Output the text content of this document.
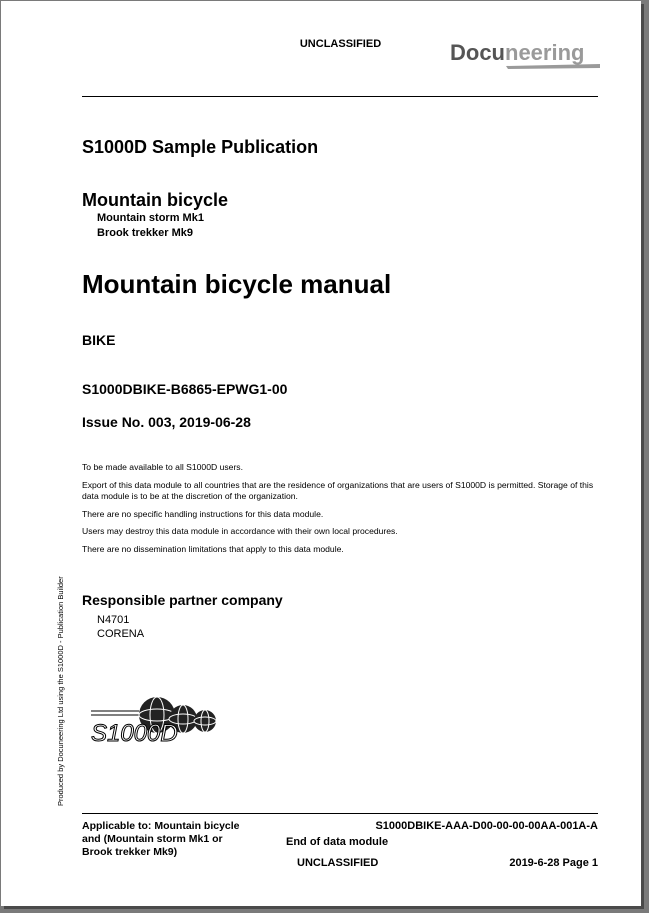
UNCLASSIFIED	Docuneering
S1000D Sample Publication
Mountain bicycle
Mountain storm Mk1
Brook trekker Mk9
Mountain bicycle manual
BIKE
S1000DBIKE-B6865-EPWG1-00
Issue No. 003, 2019-06-28

To be made available to all S1000D users.

Export of this data module to all countries that are the residence of organizations that are users of S1000D is permitted. Storage of this data module is to be at the discretion of the organization.

There are no specific handling instructions for this data module.

Users may destroy this data module in accordance with their own local procedures.

There are no dissemination limitations that apply to this data module.

Responsible partner company
N4701
CORENA
Produced by Docuneering Ltd using the S1000D - Publication Builder S1000D
Applicable to: Mountain bicycle and (Mountain storm Mk1 or Brook trekker Mk9)
S1000DBIKE-AAA-D00-00-00-00AA-001A-A
End of data module
UNCLASSIFIED	2019-6-28 Page 1
